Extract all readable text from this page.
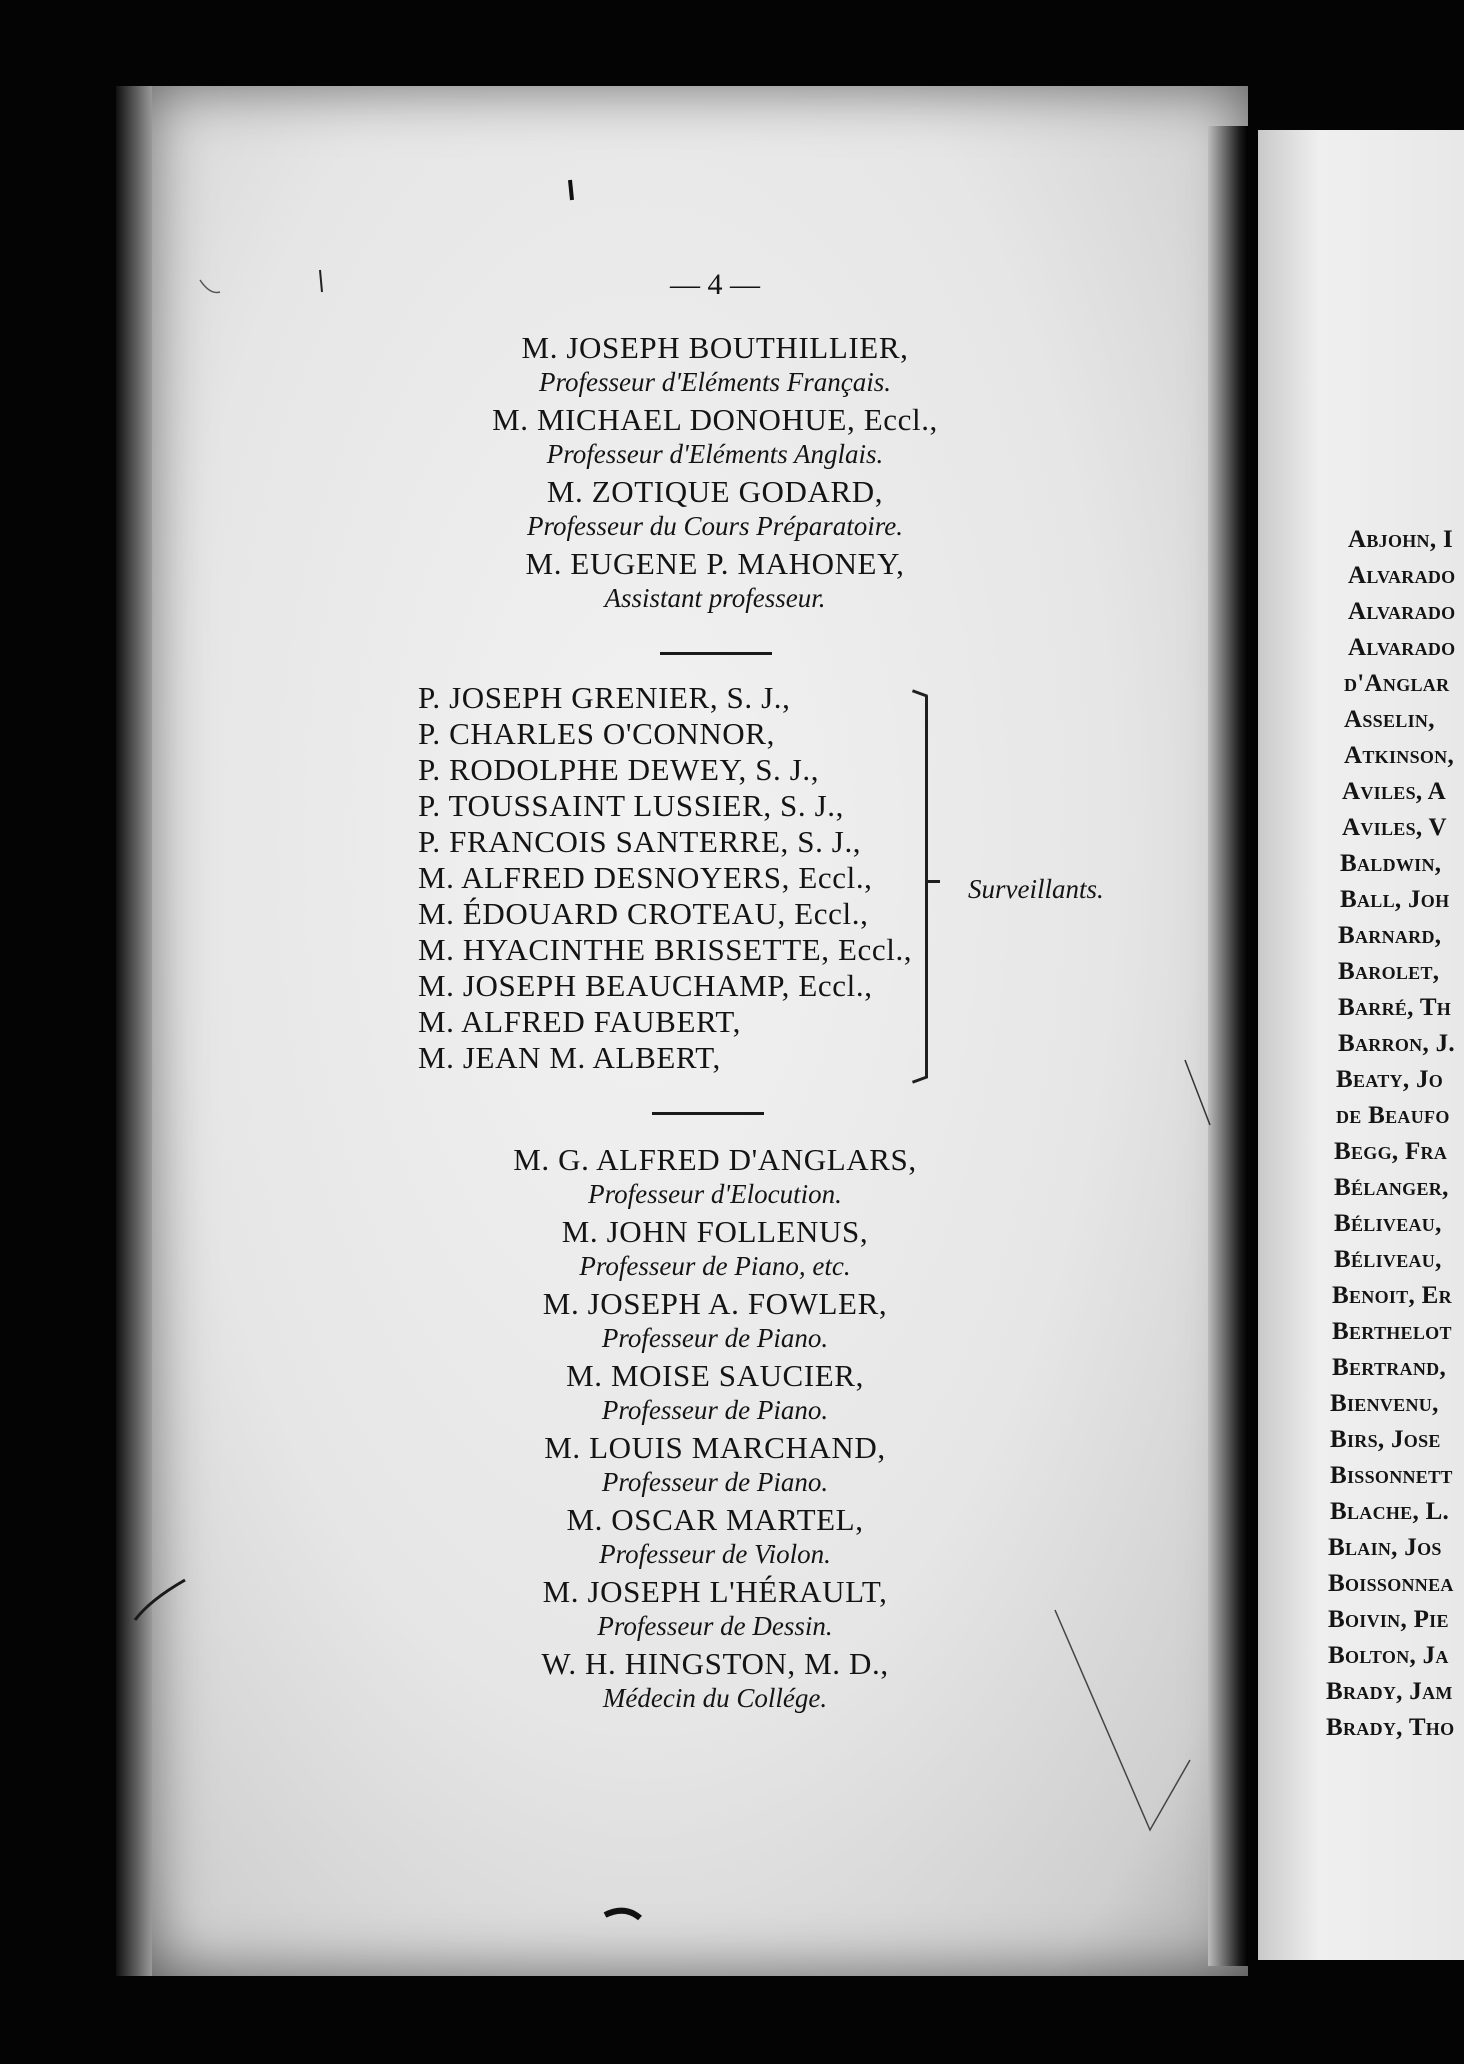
— 4 —
M. JOSEPH BOUTHILLIER,
Professeur d'Eléments Français.
M. MICHAEL DONOHUE, Eccl.,
Professeur d'Eléments Anglais.
M. ZOTIQUE GODARD,
Professeur du Cours Préparatoire.
M. EUGENE P. MAHONEY,
Assistant professeur.
P. JOSEPH GRENIER, S. J.,
P. CHARLES O'CONNOR,
P. RODOLPHE DEWEY, S. J.,
P. TOUSSAINT LUSSIER, S. J.,
P. FRANCOIS SANTERRE, S. J.,
M. ALFRED DESNOYERS, Eccl.,
M. ÉDOUARD CROTEAU, Eccl.,
M. HYACINTHE BRISSETTE, Eccl.,
M. JOSEPH BEAUCHAMP, Eccl.,
M. ALFRED FAUBERT,
M. JEAN M. ALBERT,
Surveillants.
M. G. ALFRED D'ANGLARS,
Professeur d'Elocution.
M. JOHN FOLLENUS,
Professeur de Piano, etc.
M. JOSEPH A. FOWLER,
Professeur de Piano.
M. MOISE SAUCIER,
Professeur de Piano.
M. LOUIS MARCHAND,
Professeur de Piano.
M. OSCAR MARTEL,
Professeur de Violon.
M. JOSEPH L'HÉRAULT,
Professeur de Dessin.
W. H. HINGSTON, M. D.,
Médecin du Collége.
Abjohn, I
Alvarado
Alvarado
Alvarado
d'Anglar
Asselin,
Atkinson,
Aviles, A
Aviles, V
Baldwin,
Ball, Joh
Barnard,
Barolet,
Barré, Th
Barron, J.
Beaty, Jo
de Beaufo
Begg, Fra
Bélanger,
Béliveau,
Béliveau,
Benoit, Er
Berthelot
Bertrand,
Bienvenu,
Birs, Jose
Bissonnett
Blache, L.
Blain, Jos
Boissonnea
Boivin, Pie
Bolton, Ja
Brady, Jam
Brady, Tho
